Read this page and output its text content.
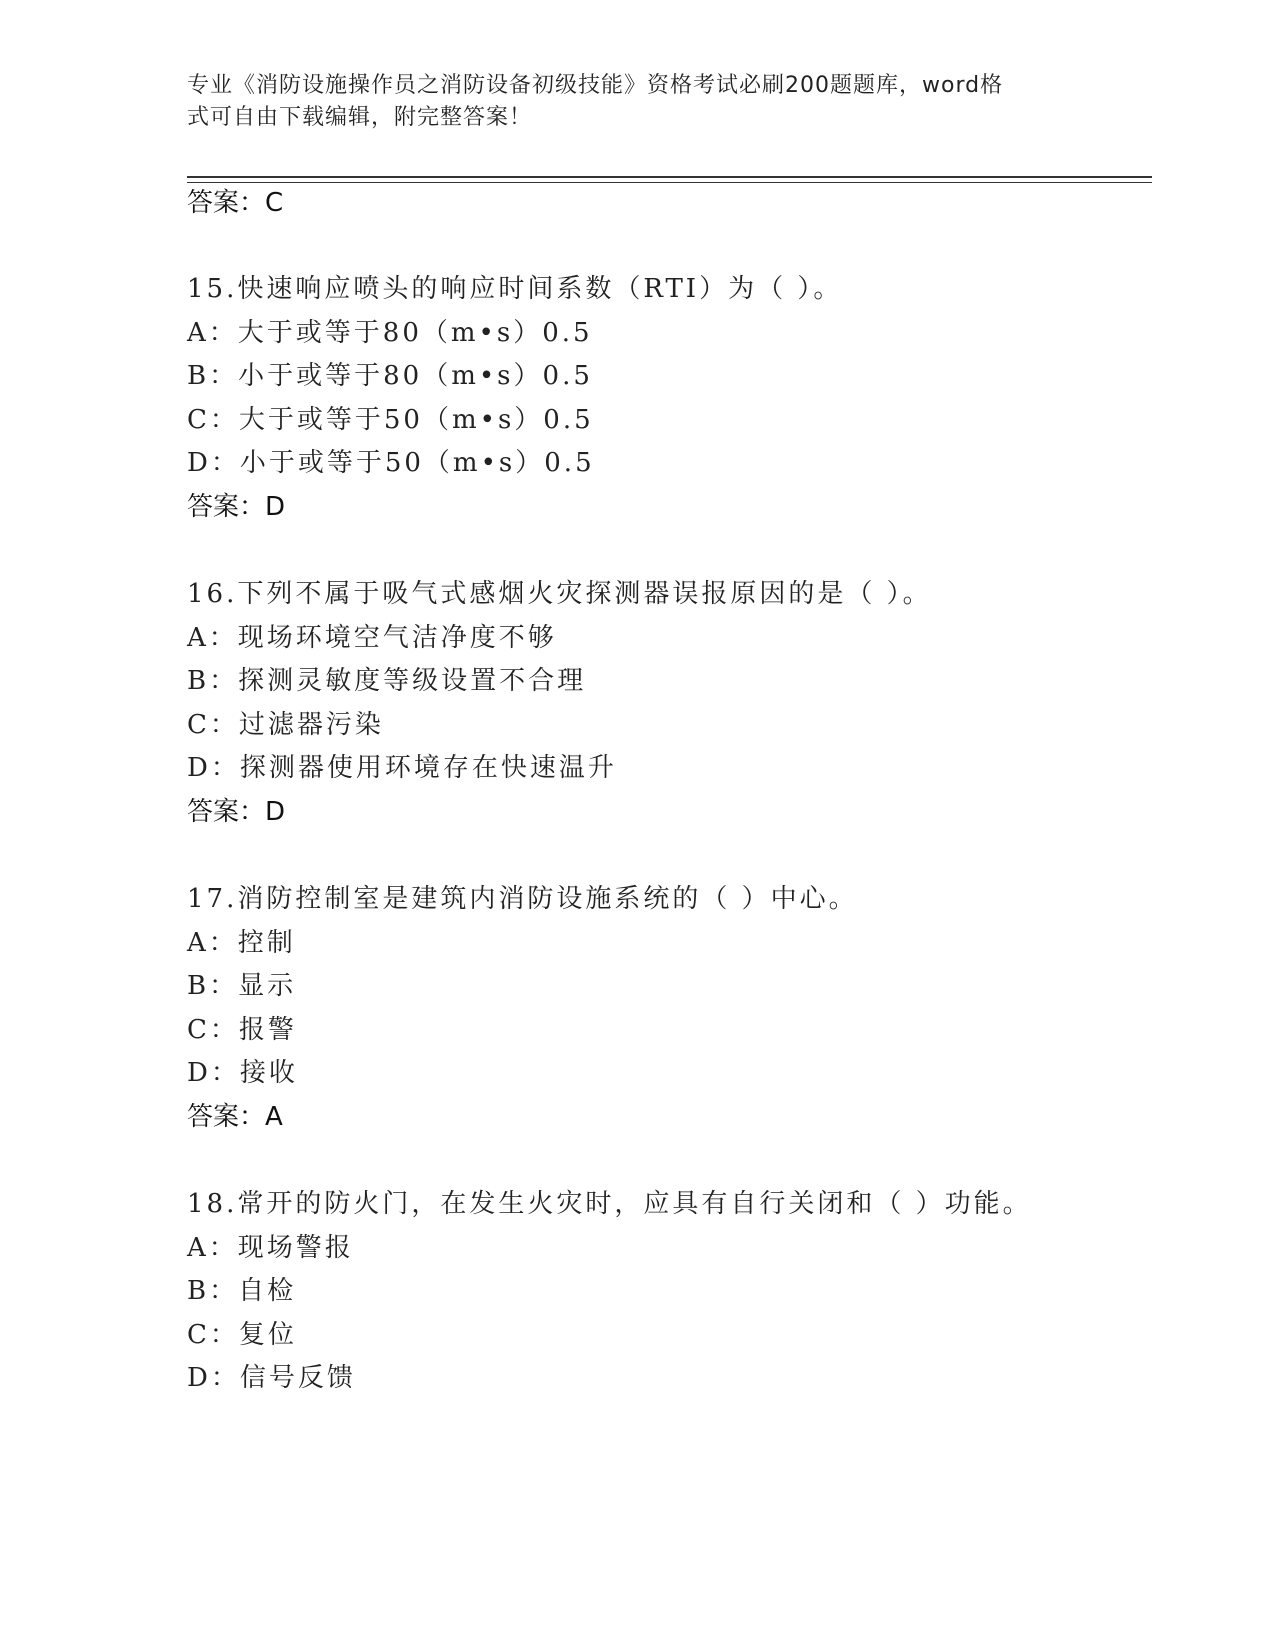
专业《消防设施操作员之消防设备初级技能》资格考试必刷200题题库，word格
式可自由下载编辑，附完整答案！
答案：C
15.快速响应喷头的响应时间系数（RTI）为（ ）。
A：大于或等于80（m•s）0.5
B：小于或等于80（m•s）0.5
C：大于或等于50（m•s）0.5
D：小于或等于50（m•s）0.5
答案：D
16.下列不属于吸气式感烟火灾探测器误报原因的是（ ）。
A：现场环境空气洁净度不够
B：探测灵敏度等级设置不合理
C：过滤器污染
D：探测器使用环境存在快速温升
答案：D
17.消防控制室是建筑内消防设施系统的（ ）中心。
A：控制
B：显示
C：报警
D：接收
答案：A
18.常开的防火门，在发生火灾时，应具有自行关闭和（ ）功能。
A：现场警报
B：自检
C：复位
D：信号反馈
